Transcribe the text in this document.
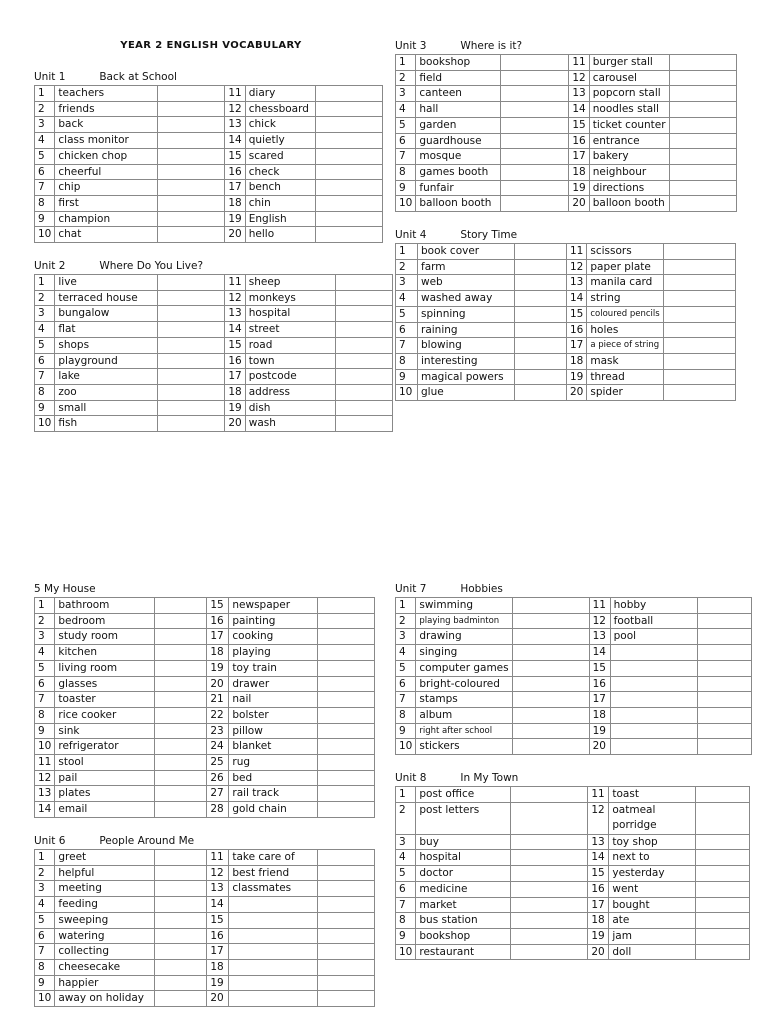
YEAR 2 ENGLISH VOCABULARY
Unit 1	Back at School
1	teachers		11	diary	
2	friends		12	chessboard	
3	back		13	chick	
4	class monitor		14	quietly	
5	chicken chop		15	scared	
6	cheerful		16	check	
7	chip		17	bench	
8	first		18	chin	
9	champion		19	English	
10	chat		20	hello	
Unit 2	Where Do You Live?
1	live		11	sheep	
2	terraced house		12	monkeys	
3	bungalow		13	hospital	
4	flat		14	street	
5	shops		15	road	
6	playground		16	town	
7	lake		17	postcode	
8	zoo		18	address	
9	small		19	dish	
10	fish		20	wash	
Unit 3	Where is it?
1	bookshop		11	burger stall	
2	field		12	carousel	
3	canteen		13	popcorn stall	
4	hall		14	noodles stall	
5	garden		15	ticket counter	
6	guardhouse		16	entrance	
7	mosque		17	bakery	
8	games booth		18	neighbour	
9	funfair		19	directions	
10	balloon booth		20	balloon booth	
Unit 4	Story Time
1	book cover		11	scissors	
2	farm		12	paper plate	
3	web		13	manila card	
4	washed away		14	string	
5	spinning		15	coloured pencils	
6	raining		16	holes	
7	blowing		17	a piece of string	
8	interesting		18	mask	
9	magical powers		19	thread	
10	glue		20	spider	
5 My House
1	bathroom		15	newspaper	
2	bedroom		16	painting	
3	study room		17	cooking	
4	kitchen		18	playing	
5	living room		19	toy train	
6	glasses		20	drawer	
7	toaster		21	nail	
8	rice cooker		22	bolster	
9	sink		23	pillow	
10	refrigerator		24	blanket	
11	stool		25	rug	
12	pail		26	bed	
13	plates		27	rail track	
14	email		28	gold chain	
Unit 6	People Around Me
1	greet		11	take care of	
2	helpful		12	best friend	
3	meeting		13	classmates	
4	feeding		14		
5	sweeping		15		
6	watering		16		
7	collecting		17		
8	cheesecake		18		
9	happier		19		
10	away on holiday		20		
Unit 7	Hobbies
1	swimming		11	hobby	
2	playing badminton		12	football	
3	drawing		13	pool	
4	singing		14		
5	computer games		15		
6	bright-coloured		16		
7	stamps		17		
8	album		18		
9	right after school		19		
10	stickers		20		
Unit 8	In My Town
1	post office		11	toast	
2	post letters		12	oatmeal porridge	
3	buy		13	toy shop	
4	hospital		14	next to	
5	doctor		15	yesterday	
6	medicine		16	went	
7	market		17	bought	
8	bus station		18	ate	
9	bookshop		19	jam	
10	restaurant		20	doll	
